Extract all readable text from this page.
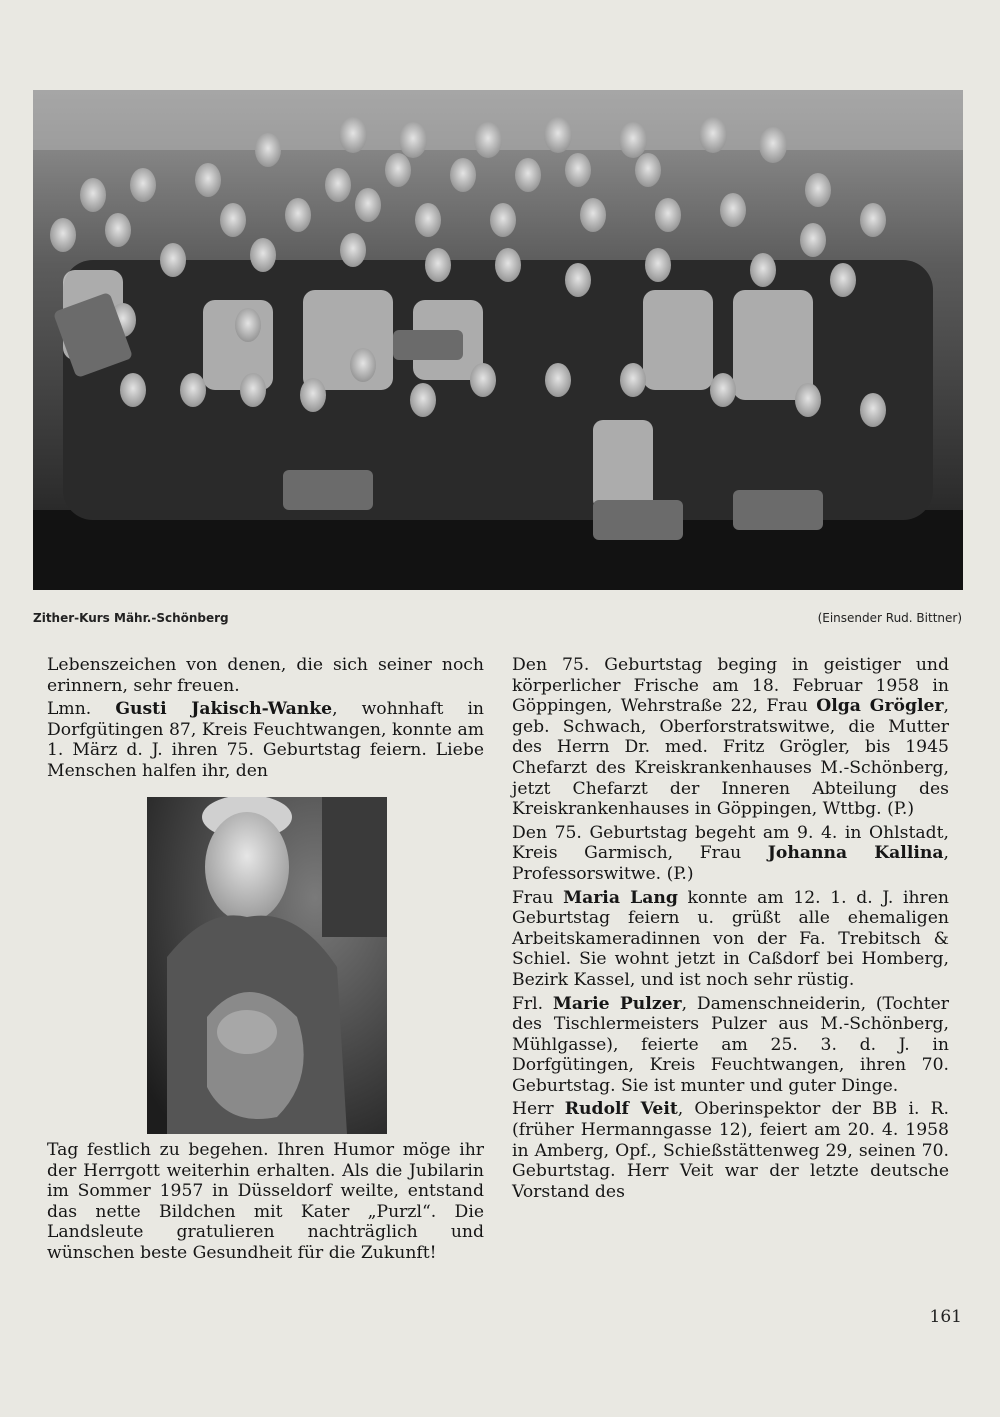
Zither-Kurs Mähr.-Schönberg	(Einsender Rud. Bittner)

Lebenszeichen von denen, die sich seiner noch erinnern, sehr freuen.

Lmn. Gusti Jakisch-Wanke, wohnhaft in Dorfgütingen 87, Kreis Feuchtwangen, konnte am 1. März d. J. ihren 75. Geburtstag feiern. Liebe Menschen halfen ihr, den

Tag festlich zu begehen. Ihren Humor möge ihr der Herrgott weiterhin erhalten. Als die Jubilarin im Sommer 1957 in Düsseldorf weilte, entstand das nette Bildchen mit Kater „Purzl“. Die Landsleute gratulieren nachträglich und wünschen beste Gesundheit für die Zukunft!

Den 75. Geburtstag beging in geistiger und körperlicher Frische am 18. Februar 1958 in Göppingen, Wehrstraße 22, Frau Olga Grögler, geb. Schwach, Oberforstratswitwe, die Mutter des Herrn Dr. med. Fritz Grögler, bis 1945 Chefarzt des Kreiskrankenhauses M.-Schönberg, jetzt Chefarzt der Inneren Abteilung des Kreiskrankenhauses in Göppingen, Wttbg. (P.)

Den 75. Geburtstag begeht am 9. 4. in Ohlstadt, Kreis Garmisch, Frau Johanna Kallina, Professorswitwe. (P.)

Frau Maria Lang konnte am 12. 1. d. J. ihren Geburtstag feiern u. grüßt alle ehemaligen Arbeitskameradinnen von der Fa. Trebitsch & Schiel. Sie wohnt jetzt in Caßdorf bei Homberg, Bezirk Kassel, und ist noch sehr rüstig.

Frl. Marie Pulzer, Damenschneiderin, (Tochter des Tischlermeisters Pulzer aus M.-Schönberg, Mühlgasse), feierte am 25. 3. d. J. in Dorfgütingen, Kreis Feuchtwangen, ihren 70. Geburtstag. Sie ist munter und guter Dinge.

Herr Rudolf Veit, Oberinspektor der BB i. R. (früher Hermanngasse 12), feiert am 20. 4. 1958 in Amberg, Opf., Schießstättenweg 29, seinen 70. Geburtstag. Herr Veit war der letzte deutsche Vorstand des

161
